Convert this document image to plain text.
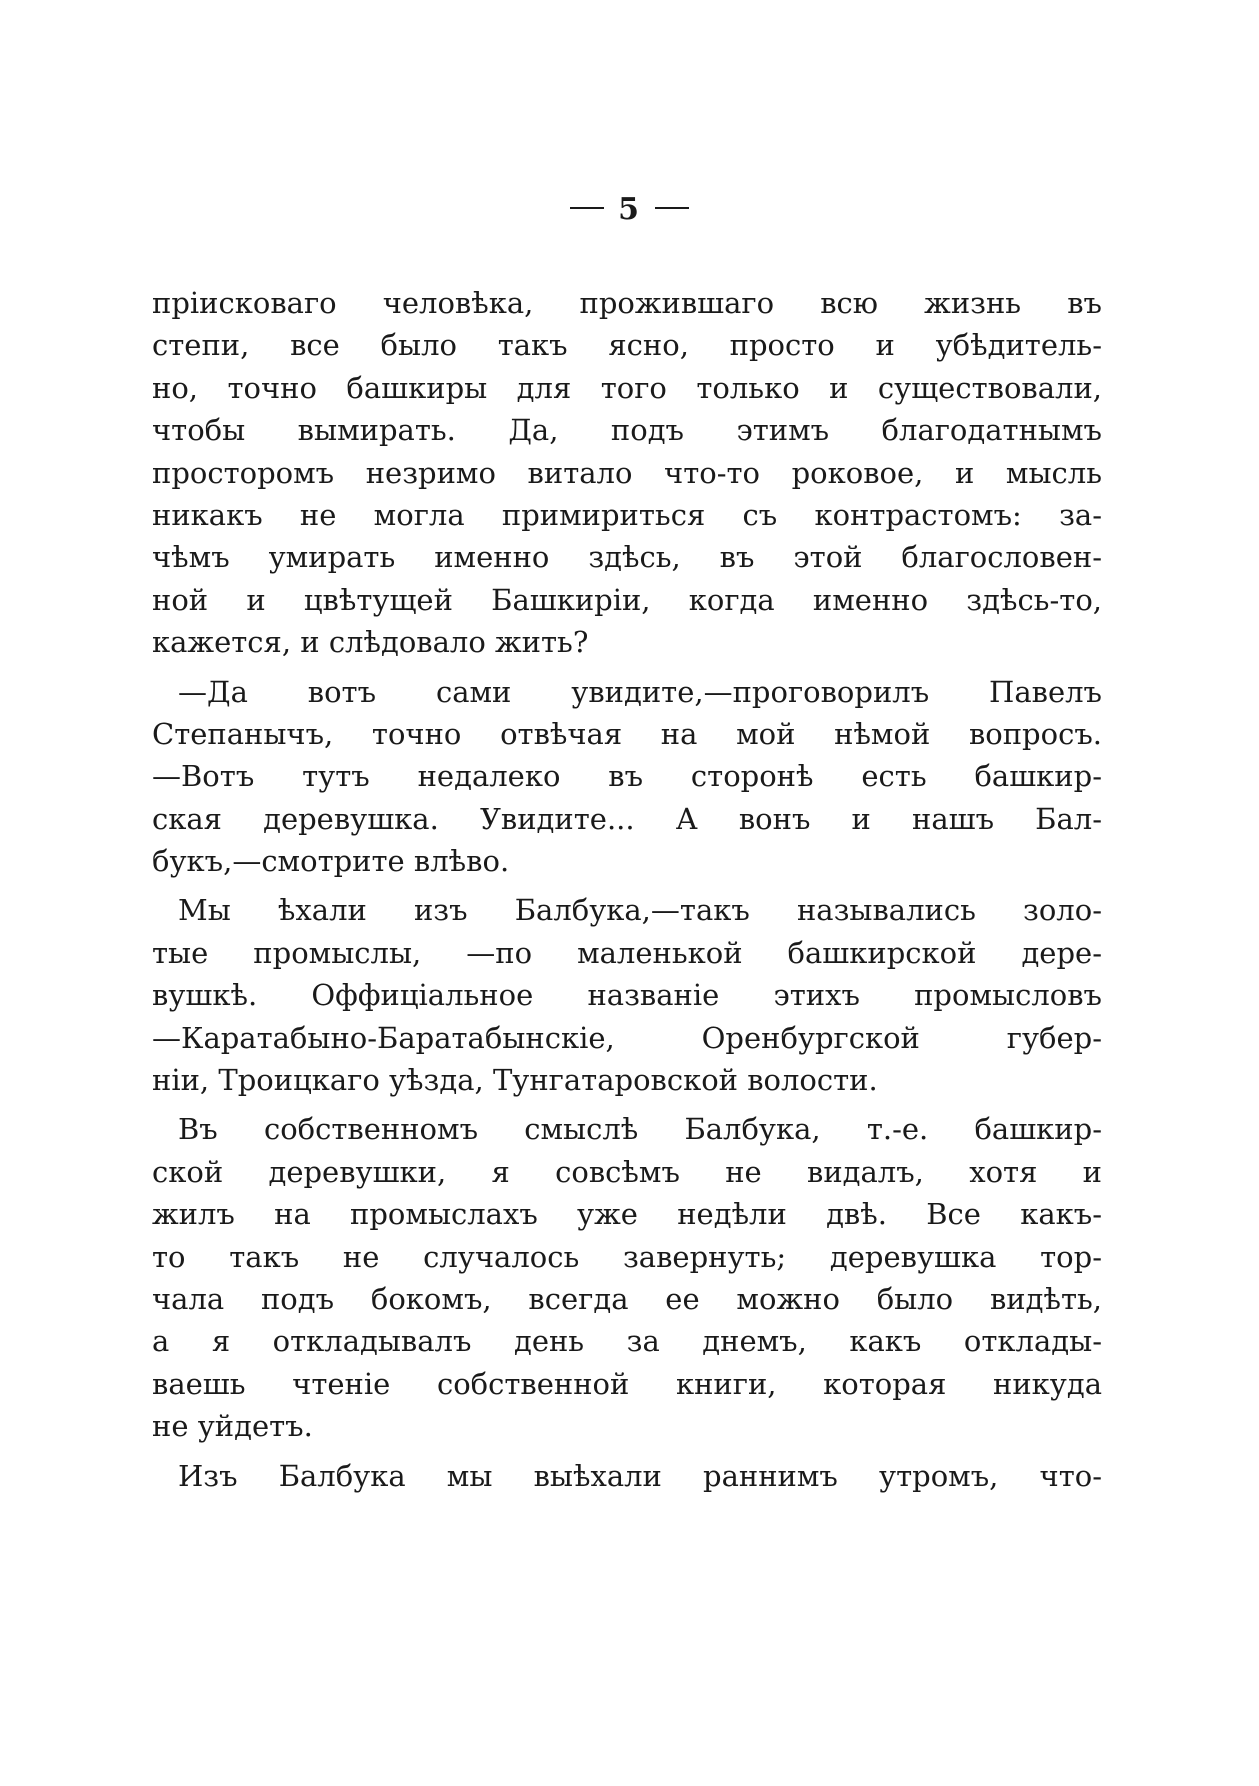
5
прiисковаго человѣка, прожившаго всю жизнь въ
степи, все было такъ ясно, просто и убѣдитель-
но, точно башкиры для того только и существовали,
чтобы вымирать. Да, подъ этимъ благодатнымъ
просторомъ незримо витало что-то роковое, и мысль
никакъ не могла примириться съ контрастомъ: за-
чѣмъ умирать именно здѣсь, въ этой благословен-
ной и цвѣтущей Башкирiи, когда именно здѣсь-то,
кажется, и слѣдовало жить?
—Да вотъ сами увидите,—проговорилъ Павелъ
Степанычъ, точно отвѣчая на мой нѣмой вопросъ.
—Вотъ тутъ недалеко въ сторонѣ есть башкир-
ская деревушка. Увидите... А вонъ и нашъ Бал-
букъ,—смотрите влѣво.
Мы ѣхали изъ Балбука,—такъ назывались золо-
тые промыслы, —по маленькой башкирской дере-
вушкѣ. Оффицiальное названiе этихъ промысловъ
—Каратабыно-Баратабынскiе, Оренбургской губер-
нiи, Троицкаго уѣзда, Тунгатаровской волости.
Въ собственномъ смыслѣ Балбука, т.-е. башкир-
ской деревушки, я совсѣмъ не видалъ, хотя и
жилъ на промыслахъ уже недѣли двѣ. Все какъ-
то такъ не случалось завернуть; деревушка тор-
чала подъ бокомъ, всегда ее можно было видѣть,
а я откладывалъ день за днемъ, какъ отклады-
ваешь чтенiе собственной книги, которая никуда
не уйдетъ.
Изъ Балбука мы выѣхали раннимъ утромъ, что-
